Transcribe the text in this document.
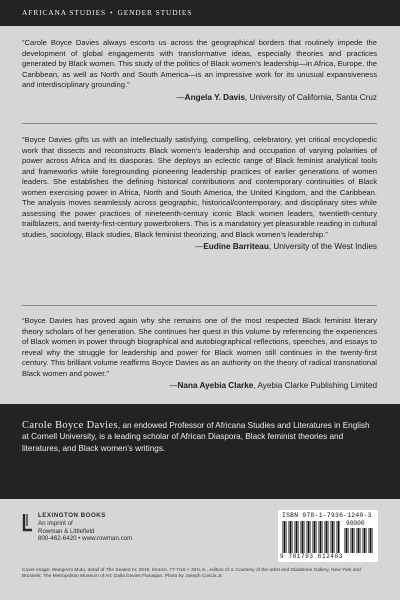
AFRICANA STUDIES • GENDER STUDIES

“Carole Boyce Davies always escorts us across the geographical borders that routinely impede the development of global engagements with transformative ideas, especially theories and practices generated by Black women. This study of the politics of Black women’s leadership—in Africa, Europe, the Caribbean, as well as North and South America—is an impressive work for its unusual expansiveness and interdisciplinary grounding.”

—Angela Y. Davis, University of California, Santa Cruz

“Boyce Davies gifts us with an intellectually satisfying, compelling, celebratory, yet critical encyclopedic work that dissects and reconstructs Black women’s leadership and occupation of varying polarities of power across Africa and its diasporas. She deploys an eclectic range of Black feminist analytical tools and frameworks while foregrounding pioneering leadership practices of earlier generations of women leaders. She establishes the defining historical contributions and contemporary continuities of Black women exercising power in Africa, North and South America, the United Kingdom, and the Caribbean. The analysis moves seamlessly across geographic, historical/contemporary, and disciplinary sites while assessing the power practices of nineteenth-century iconic Black women leaders, twentieth-century trailblazers, and twenty-first-century powerbrokers. This is a mandatory yet pleasurable reading in cultural studies, sociology, Black studies, Black feminist theorizing, and Black women’s leadership.”

—Eudine Barriteau, University of the West Indies

“Boyce Davies has proved again why she remains one of the most respected Black feminist literary theory scholars of her generation. She continues her quest in this volume by referencing the experiences of Black women in power through biographical and autobiographical reflections, speeches, and essays to reveal why the struggle for leadership and power for Black women still continues in the twenty-first century. This brilliant volume reaffirms Boyce Davies as an authority on the theory of radical transnational Black women and power.”

—Nana Ayebia Clarke, Ayebia Clarke Publishing Limited

Carole Boyce Davies, an endowed Professor of Africana Studies and Literatures in English at Cornell University, is a leading scholar of African Diaspora, Black feminist theories and literatures, and Black women’s writings.

LEXINGTON BOOKS
An imprint of
Rowman & Littlefield
800-462-6420 • www.rowman.com
ISBN 978-1-7936-1240-3
90000
9 781793 612403
Cover image: Wangechi Mutu, detail of The Seated IV, 2019, bronze, 77-7/16 × 33¾ in., edition of 3. Courtesy of the artist and Gladstone Gallery, New York and Brussels; The Metropolitan Museum of Art; Dalia Davies Flanagan. Photo by Joseph Coscia Jr.
